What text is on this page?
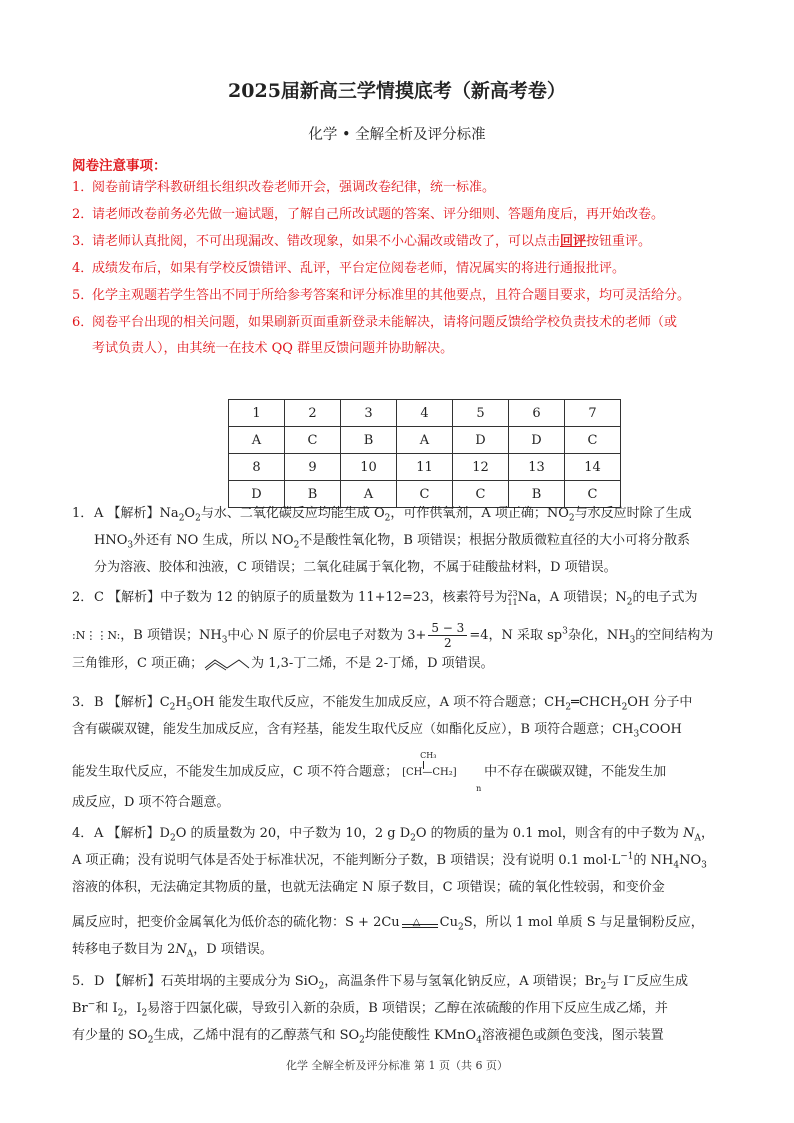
2025届新高三学情摸底考（新高考卷）
化学 • 全解全析及评分标准
阅卷注意事项：
1．阅卷前请学科教研组长组织改卷老师开会，强调改卷纪律，统一标准。
2．请老师改卷前务必先做一遍试题，了解自己所改试题的答案、评分细则、答题角度后，再开始改卷。
3．请老师认真批阅，不可出现漏改、错改现象，如果不小心漏改或错改了，可以点击回评按钮重评。
4．成绩发布后，如果有学校反馈错评、乱评，平台定位阅卷老师，情况属实的将进行通报批评。
5．化学主观题若学生答出不同于所给参考答案和评分标准里的其他要点，且符合题目要求，均可灵活给分。
6．阅卷平台出现的相关问题，如果刷新页面重新登录未能解决，请将问题反馈给学校负责技术的老师（或
考试负责人），由其统一在技术 QQ 群里反馈问题并协助解决。
1	2	3	4	5	6	7
A	C	B	A	D	D	C
8	9	10	11	12	13	14
D	B	A	C	C	B	C
1．A 【解析】$Na_2O_2$与水、二氧化碳反应均能生成 $O_2$，可作供氧剂，A 项正确；$NO_2$与水反应时除了生成
$HNO_3$外还有 NO 生成，所以 $NO_2$不是酸性氧化物，B 项错误；根据分散质微粒直径的大小可将分散系
分为溶液、胶体和浊液，C 项错误；二氧化硅属于氧化物，不属于硅酸盐材料，D 项错误。
2．C 【解析】中子数为 12 的钠原子的质量数为 11+12=23，核素符号为 23
11 Na，A 项错误；$N_2$的电子式为
:N⋮⋮N:，B 项错误；$NH_3$中心 N 原子的价层电子对数为 $3+ \frac{5 - 3}{2} =4$，N 采取 $sp^3$杂化，$NH_3$的空间结构为
三角锥形，C 项正确；	为 1,3-丁二烯，不是 2-丁烯，D 项错误。
3．B 【解析】$C_2H_5OH$ 能发生取代反应，不能发生加成反应，A 项不符合题意；$CH_2═CHCH_2OH$ 分子中
含有碳碳双键，能发生加成反应，含有羟基，能发生取代反应（如酯化反应），B 项符合题意；$CH_3COOH$
能发生取代反应，不能发生加成反应，C 项不符合题意；
CH₃
[CH—CH₂]
n
中不存在碳碳双键，不能发生加
成反应，D 项不符合题意。
4．A 【解析】$D_2O$ 的质量数为 20，中子数为 10，2 g $D_2O$ 的物质的量为 0.1 mol，则含有的中子数为 $N_A$，
A 项正确；没有说明气体是否处于标准状况，不能判断分子数，B 项错误；没有说明 0.1 $mol\cdot L^{-1}$的 $NH_4NO_3$
溶液的体积，无法确定其物质的量，也就无法确定 N 原子数目，C 项错误；硫的氧化性较弱，和变价金
属反应时，把变价金属氧化为低价态的硫化物：S + 2Cu △ $Cu_2S$，所以 1 mol 单质 S 与足量铜粉反应，
转移电子数目为 $2N_A$，D 项错误。
5．D 【解析】石英坩埚的主要成分为 SiO$_2$，高温条件下易与氢氧化钠反应，A 项错误；$Br_2$与 I−反应生成
Br−和 $I_2$，$I_2$易溶于四氯化碳，导致引入新的杂质，B 项错误；乙醇在浓硫酸的作用下反应生成乙烯，并
有少量的 $SO_2$生成，乙烯中混有的乙醇蒸气和 $SO_2$均能使酸性 KMnO$_4$溶液褪色或颜色变浅，图示装置
化学 全解全析及评分标准 第 1 页（共 6 页）
